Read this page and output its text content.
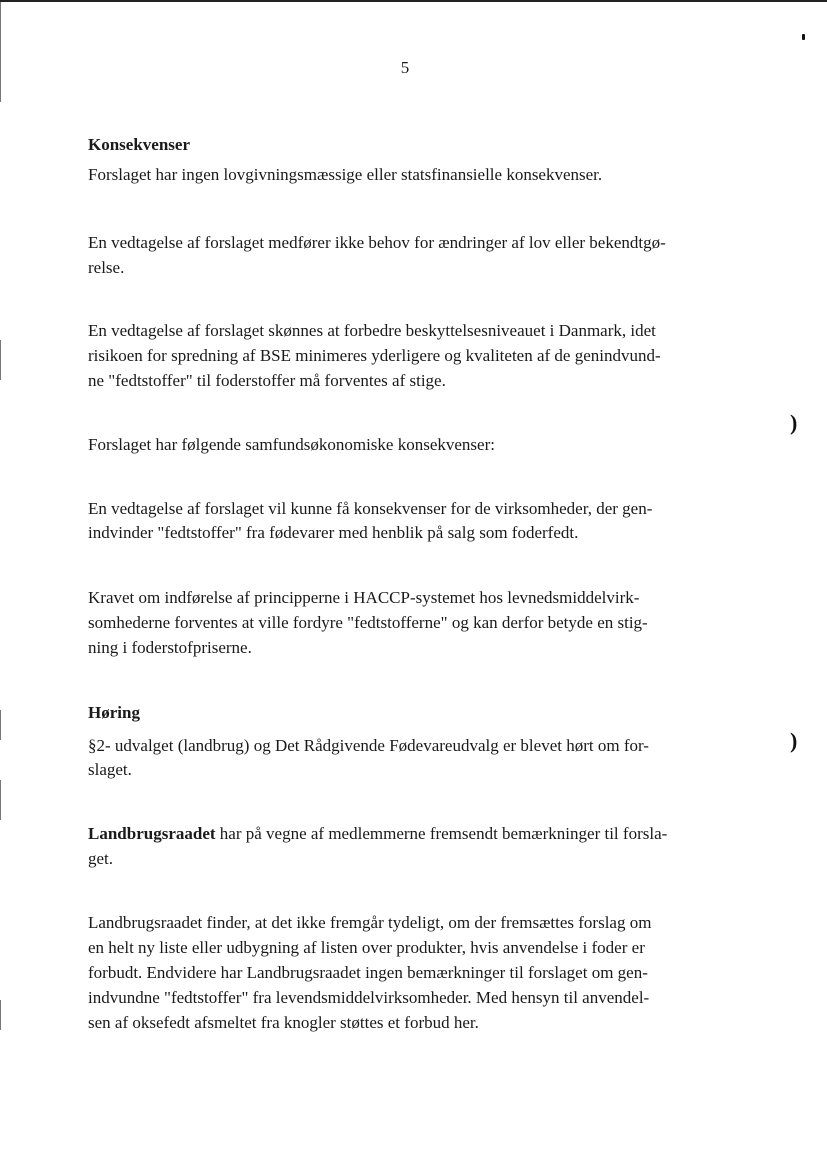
)
)
5
Konsekvenser
Forslaget har ingen lovgivningsmæssige eller statsfinansielle konsekvenser.
En vedtagelse af forslaget medfører ikke behov for ændringer af lov eller bekendtgø-
relse.
En vedtagelse af forslaget skønnes at forbedre beskyttelsesniveauet i Danmark, idet
risikoen for spredning af BSE minimeres yderligere og kvaliteten af de genindvund-
ne "fedtstoffer" til foderstoffer må forventes af stige.
Forslaget har følgende samfundsøkonomiske konsekvenser:
En vedtagelse af forslaget vil kunne få konsekvenser for de virksomheder, der gen-
indvinder "fedtstoffer" fra fødevarer med henblik på salg som foderfedt.
Kravet om indførelse af principperne i HACCP-systemet hos levnedsmiddelvirk-
somhederne forventes at ville fordyre "fedtstofferne" og kan derfor betyde en stig-
ning i foderstofpriserne.
Høring
§2- udvalget (landbrug) og Det Rådgivende Fødevareudvalg er blevet hørt om for-
slaget.
Landbrugsraadet har på vegne af medlemmerne fremsendt bemærkninger til forsla-
get.
Landbrugsraadet finder, at det ikke fremgår tydeligt, om der fremsættes forslag om
en helt ny liste eller udbygning af listen over produkter, hvis anvendelse i foder er
forbudt. Endvidere har Landbrugsraadet ingen bemærkninger til forslaget om gen-
indvundne "fedtstoffer" fra levendsmiddelvirksomheder. Med hensyn til anvendel-
sen af oksefedt afsmeltet fra knogler støttes et forbud her.
